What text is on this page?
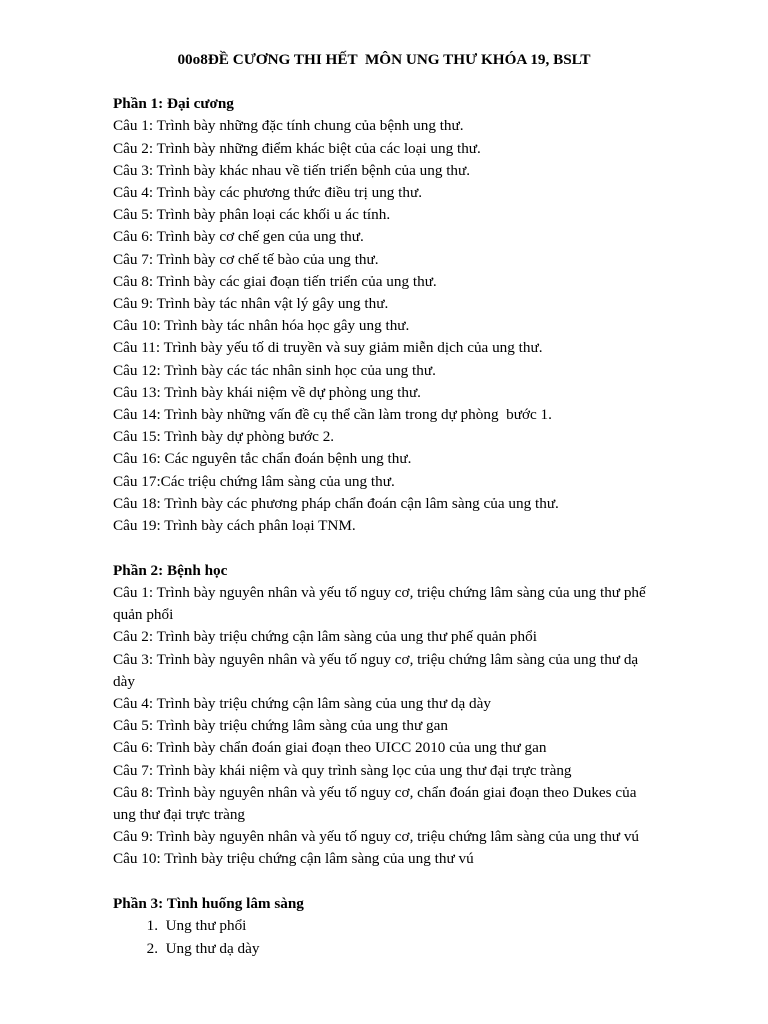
00o8ĐỀ CƯƠNG THI HẾT  MÔN UNG THƯ KHÓA 19, BSLT
Phần 1: Đại cương
Câu 1: Trình bày những đặc tính chung của bệnh ung thư.
Câu 2: Trình bày những điểm khác biệt của các loại ung thư.
Câu 3: Trình bày khác nhau về tiến triển bệnh của ung thư.
Câu 4: Trình bày các phương thức điều trị ung thư.
Câu 5: Trình bày phân loại các khối u ác tính.
Câu 6: Trình bày cơ chế gen của ung thư.
Câu 7: Trình bày cơ chế tế bào của ung thư.
Câu 8: Trình bày các giai đoạn tiến triển của ung thư.
Câu 9: Trình bày tác nhân vật lý gây ung thư.
Câu 10: Trình bày tác nhân hóa học gây ung thư.
Câu 11: Trình bày yếu tố di truyền và suy giảm miễn dịch của ung thư.
Câu 12: Trình bày các tác nhân sinh học của ung thư.
Câu 13: Trình bày khái niệm về dự phòng ung thư.
Câu 14: Trình bày những vấn đề cụ thể cần làm trong dự phòng  bước 1.
Câu 15: Trình bày dự phòng bước 2.
Câu 16: Các nguyên tắc chẩn đoán bệnh ung thư.
Câu 17:Các triệu chứng lâm sàng của ung thư.
Câu 18: Trình bày các phương pháp chẩn đoán cận lâm sàng của ung thư.
Câu 19: Trình bày cách phân loại TNM.
Phần 2: Bệnh học
Câu 1: Trình bày nguyên nhân và yếu tố nguy cơ, triệu chứng lâm sàng của ung thư phế quản phổi
Câu 2: Trình bày triệu chứng cận lâm sàng của ung thư phế quản phổi
Câu 3: Trình bày nguyên nhân và yếu tố nguy cơ, triệu chứng lâm sàng của ung thư dạ dày
Câu 4: Trình bày triệu chứng cận lâm sàng của ung thư dạ dày
Câu 5: Trình bày triệu chứng lâm sàng của ung thư gan
Câu 6: Trình bày chẩn đoán giai đoạn theo UICC 2010 của ung thư gan
Câu 7: Trình bày khái niệm và quy trình sàng lọc của ung thư đại trực tràng
Câu 8: Trình bày nguyên nhân và yếu tố nguy cơ, chẩn đoán giai đoạn theo Dukes của ung thư đại trực tràng
Câu 9: Trình bày nguyên nhân và yếu tố nguy cơ, triệu chứng lâm sàng của ung thư vú
Câu 10: Trình bày triệu chứng cận lâm sàng của ung thư vú
Phần 3: Tình huống lâm sàng
1.
Ung thư phổi
2.
Ung thư dạ dày
